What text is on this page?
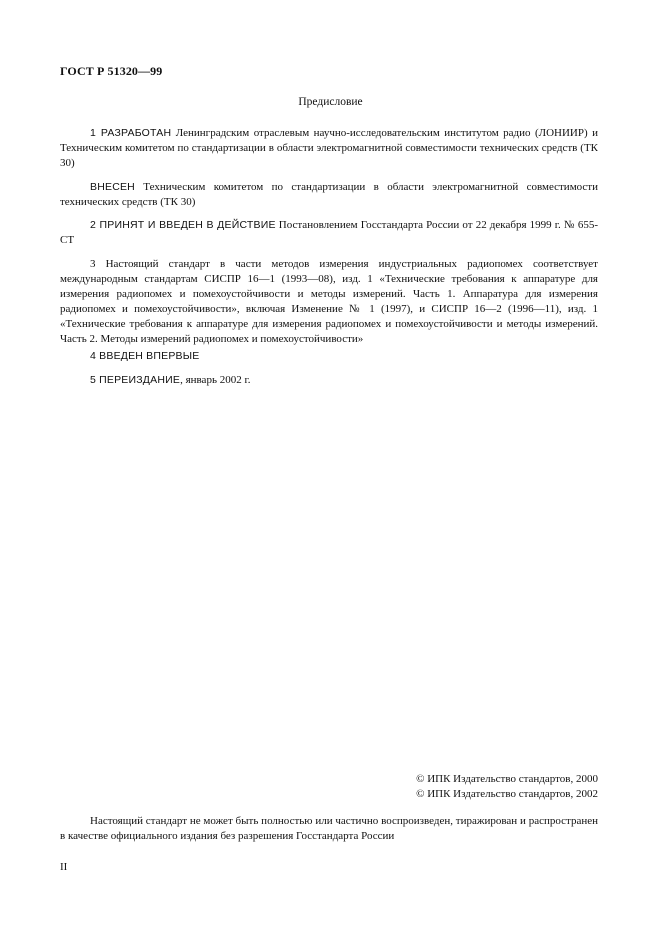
ГОСТ Р 51320—99
Предисловие
1 РАЗРАБОТАН Ленинградским отраслевым научно-исследовательским институтом радио (ЛОНИИР) и Техническим комитетом по стандартизации в области электромагнитной совместимости технических средств (ТК 30)
ВНЕСЕН Техническим комитетом по стандартизации в области электромагнитной совместимости технических средств (ТК 30)
2 ПРИНЯТ И ВВЕДЕН В ДЕЙСТВИЕ Постановлением Госстандарта России от 22 декабря 1999 г. № 655-СТ
3 Настоящий стандарт в части методов измерения индустриальных радиопомех соответствует международным стандартам СИСПР 16—1 (1993—08), изд. 1 «Технические требования к аппаратуре для измерения радиопомех и помехоустойчивости и методы измерений. Часть 1. Аппаратура для измерения радиопомех и помехоустойчивости», включая Изменение № 1 (1997), и СИСПР 16—2 (1996—11), изд. 1 «Технические требования к аппаратуре для измерения радиопомех и помехоустойчивости и методы измерений. Часть 2. Методы измерений радиопомех и помехоустойчивости»
4 ВВЕДЕН ВПЕРВЫЕ
5 ПЕРЕИЗДАНИЕ, январь 2002 г.
© ИПК Издательство стандартов, 2000
© ИПК Издательство стандартов, 2002
Настоящий стандарт не может быть полностью или частично воспроизведен, тиражирован и распространен в качестве официального издания без разрешения Госстандарта России
II
